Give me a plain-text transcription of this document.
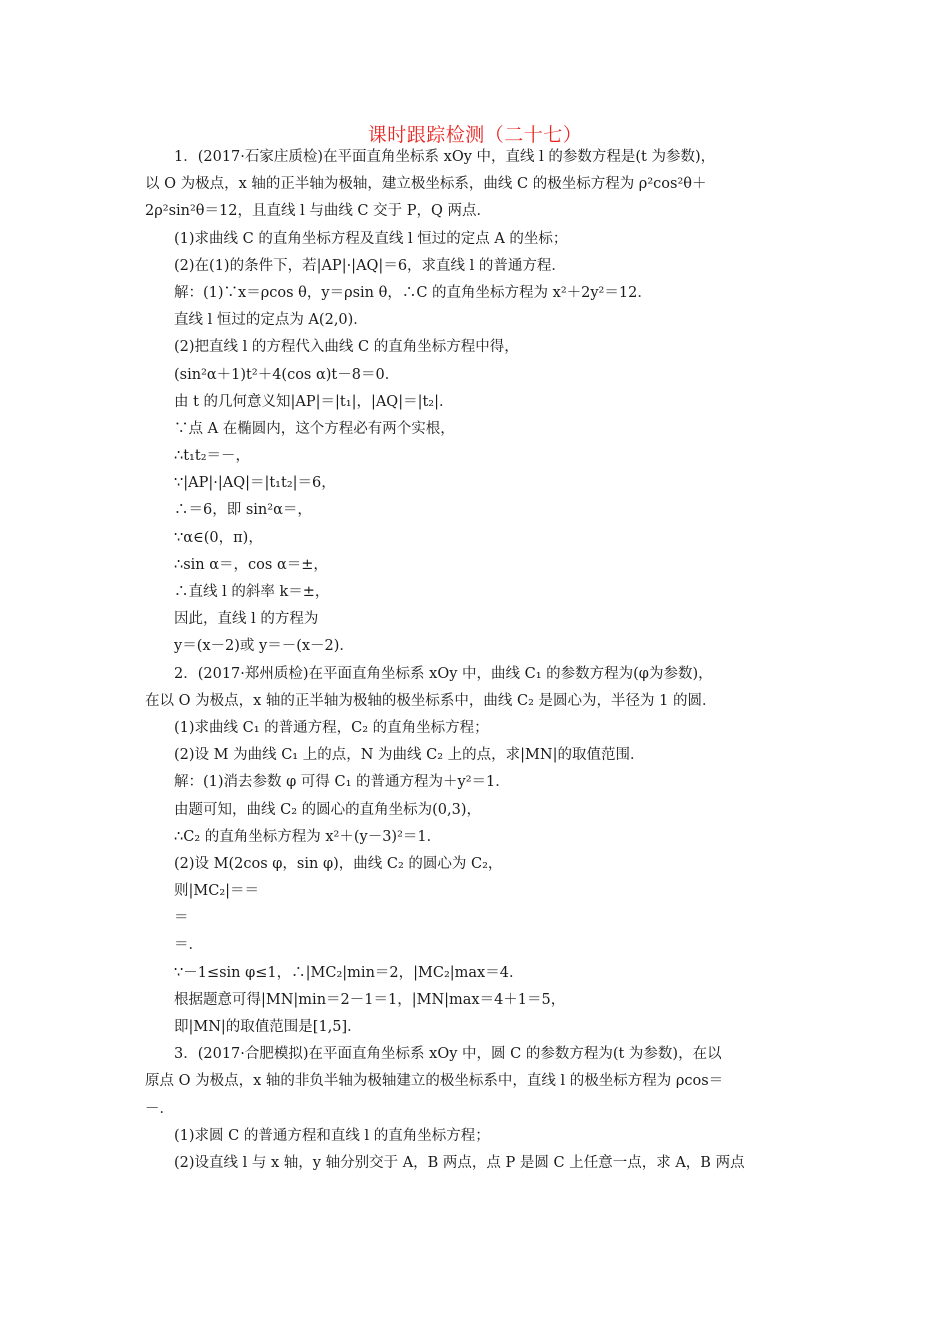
课时跟踪检测（二十七）
1．(2017·石家庄质检)在平面直角坐标系 xOy 中，直线 l 的参数方程是(t 为参数)，
以 O 为极点，x 轴的正半轴为极轴，建立极坐标系，曲线 C 的极坐标方程为 ρ²cos²θ＋
2ρ²sin²θ＝12，且直线 l 与曲线 C 交于 P，Q 两点．
(1)求曲线 C 的直角坐标方程及直线 l 恒过的定点 A 的坐标；
(2)在(1)的条件下，若|AP|·|AQ|＝6，求直线 l 的普通方程．
解：(1)∵x＝ρcos θ，y＝ρsin θ，∴C 的直角坐标方程为 x²＋2y²＝12．
直线 l 恒过的定点为 A(2,0)．
(2)把直线 l 的方程代入曲线 C 的直角坐标方程中得，
(sin²α＋1)t²＋4(cos α)t－8＝0．
由 t 的几何意义知|AP|＝|t₁|，|AQ|＝|t₂|．
∵点 A 在椭圆内，这个方程必有两个实根，
∴t₁t₂＝－，
∵|AP|·|AQ|＝|t₁t₂|＝6，
∴＝6，即 sin²α＝，
∵α∈(0，π)，
∴sin α＝，cos α＝±，
∴直线 l 的斜率 k＝±，
因此，直线 l 的方程为
y＝(x－2)或 y＝－(x－2)．
2．(2017·郑州质检)在平面直角坐标系 xOy 中，曲线 C₁ 的参数方程为(φ为参数)，
在以 O 为极点，x 轴的正半轴为极轴的极坐标系中，曲线 C₂ 是圆心为，半径为 1 的圆．
(1)求曲线 C₁ 的普通方程，C₂ 的直角坐标方程；
(2)设 M 为曲线 C₁ 上的点，N 为曲线 C₂ 上的点，求|MN|的取值范围．
解：(1)消去参数 φ 可得 C₁ 的普通方程为＋y²＝1．
由题可知，曲线 C₂ 的圆心的直角坐标为(0,3)，
∴C₂ 的直角坐标方程为 x²＋(y－3)²＝1．
(2)设 M(2cos φ，sin φ)，曲线 C₂ 的圆心为 C₂，
则|MC₂|＝＝
＝
＝．
∵－1≤sin φ≤1，∴|MC₂|min＝2，|MC₂|max＝4．
根据题意可得|MN|min＝2－1＝1，|MN|max＝4＋1＝5，
即|MN|的取值范围是[1,5]．
3．(2017·合肥模拟)在平面直角坐标系 xOy 中，圆 C 的参数方程为(t 为参数)，在以
原点 O 为极点，x 轴的非负半轴为极轴建立的极坐标系中，直线 l 的极坐标方程为 ρcos＝
－．
(1)求圆 C 的普通方程和直线 l 的直角坐标方程；
(2)设直线 l 与 x 轴，y 轴分别交于 A，B 两点，点 P 是圆 C 上任意一点，求 A，B 两点
